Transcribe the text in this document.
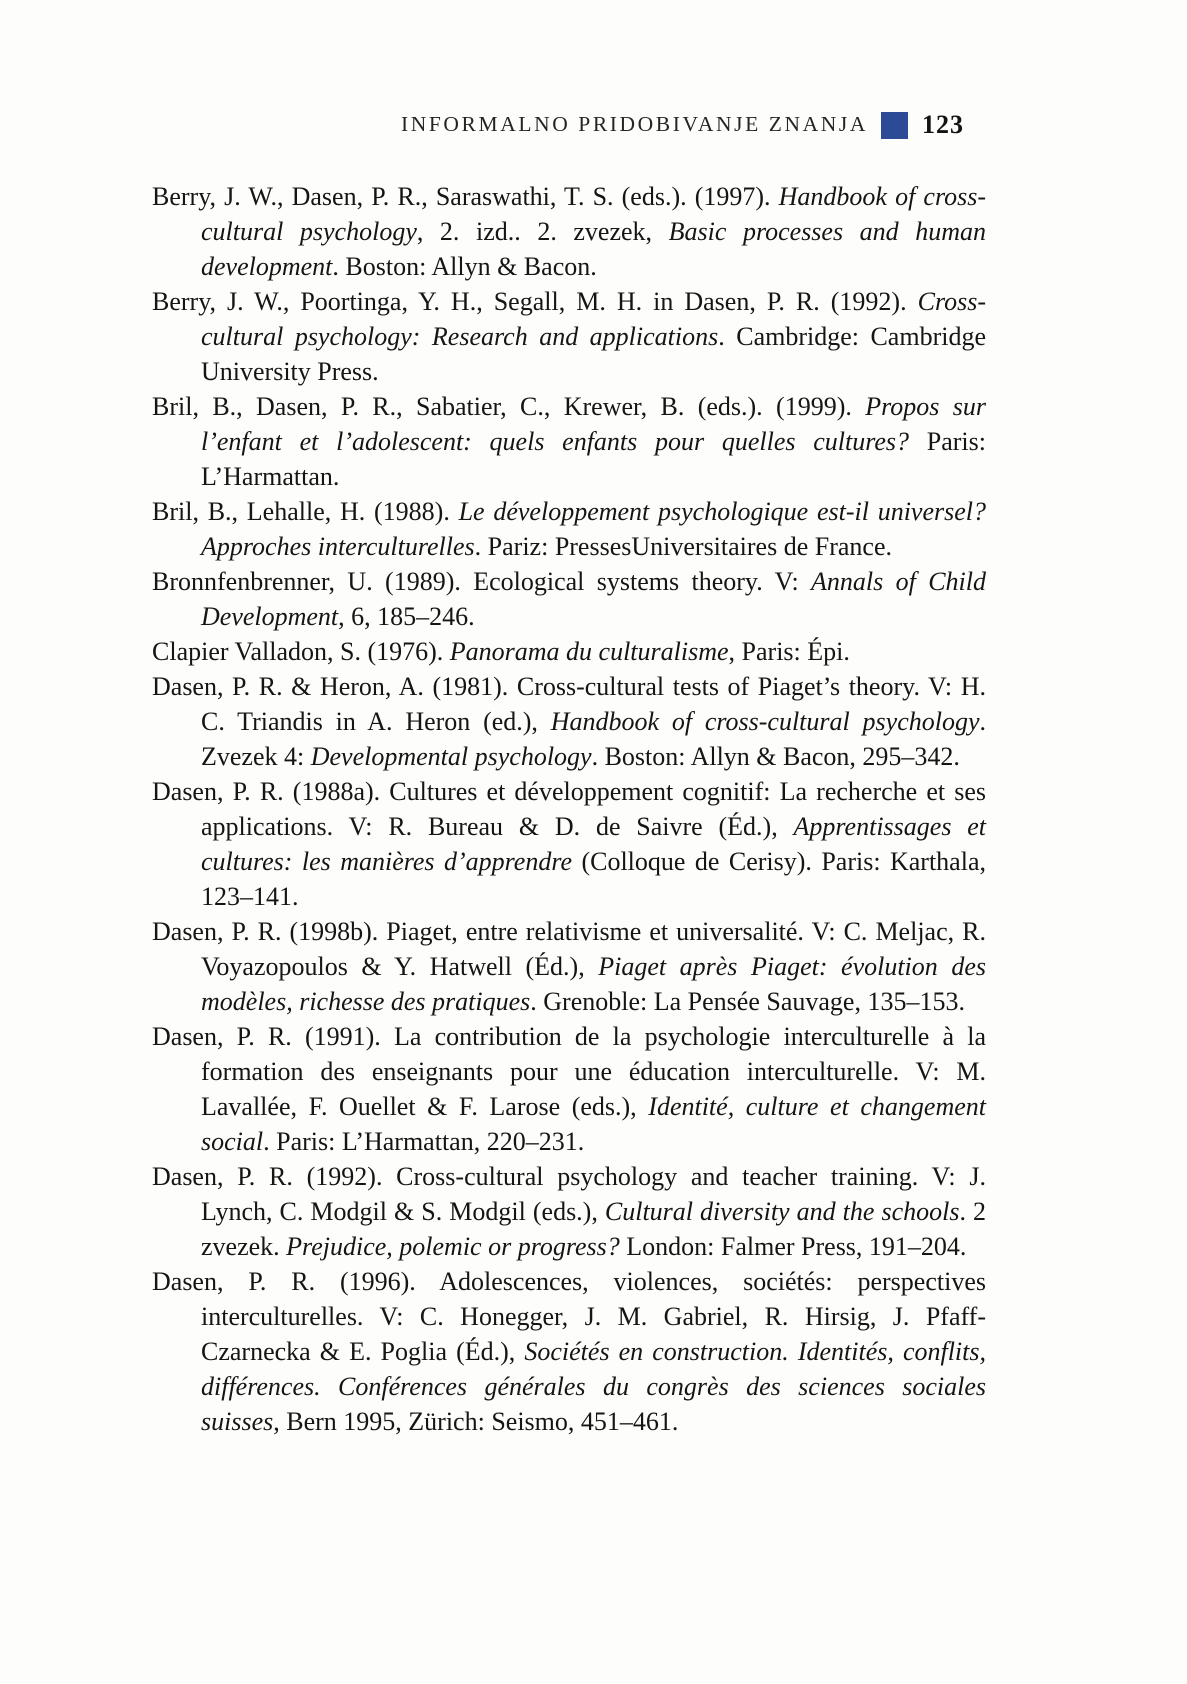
INFORMALNO PRIDOBIVANJE ZNANJA 123

Berry, J. W., Dasen, P. R., Saraswathi, T. S. (eds.). (1997). Handbook of cross-cultural psychology, 2. izd.. 2. zvezek, Basic processes and human development. Boston: Allyn & Bacon.

Berry, J. W., Poortinga, Y. H., Segall, M. H. in Dasen, P. R. (1992). Cross-cultural psychology: Research and applications. Cambridge: Cambridge University Press.

Bril, B., Dasen, P. R., Sabatier, C., Krewer, B. (eds.). (1999). Propos sur l’enfant et l’adolescent: quels enfants pour quelles cultures? Paris: L’Harmattan.

Bril, B., Lehalle, H. (1988). Le développement psychologique est-il universel? Approches interculturelles. Pariz: PressesUniversitaires de France.

Bronnfenbrenner, U. (1989). Ecological systems theory. V: Annals of Child Development, 6, 185–246.

Clapier Valladon, S. (1976). Panorama du culturalisme, Paris: Épi.

Dasen, P. R. & Heron, A. (1981). Cross-cultural tests of Piaget’s theory. V: H. C. Triandis in A. Heron (ed.), Handbook of cross-cultural psychology. Zvezek 4: Developmental psychology. Boston: Allyn & Bacon, 295–342.

Dasen, P. R. (1988a). Cultures et développement cognitif: La recherche et ses applications. V: R. Bureau & D. de Saivre (Éd.), Apprentissages et cultures: les manières d’apprendre (Colloque de Cerisy). Paris: Karthala, 123–141.

Dasen, P. R. (1998b). Piaget, entre relativisme et universalité. V: C. Meljac, R. Voyazopoulos & Y. Hatwell (Éd.), Piaget après Piaget: évolution des modèles, richesse des pratiques. Grenoble: La Pensée Sauvage, 135–153.

Dasen, P. R. (1991). La contribution de la psychologie interculturelle à la formation des enseignants pour une éducation interculturelle. V: M. Lavallée, F. Ouellet & F. Larose (eds.), Identité, culture et changement social. Paris: L’Harmattan, 220–231.

Dasen, P. R. (1992). Cross-cultural psychology and teacher training. V: J. Lynch, C. Modgil & S. Modgil (eds.), Cultural diversity and the schools. 2 zvezek. Prejudice, polemic or progress? London: Falmer Press, 191–204.

Dasen, P. R. (1996). Adolescences, violences, sociétés: perspectives interculturelles. V: C. Honegger, J. M. Gabriel, R. Hirsig, J. Pfaff-Czarnecka & E. Poglia (Éd.), Sociétés en construction. Identités, conflits, différences. Conférences générales du congrès des sciences sociales suisses, Bern 1995, Zürich: Seismo, 451–461.
